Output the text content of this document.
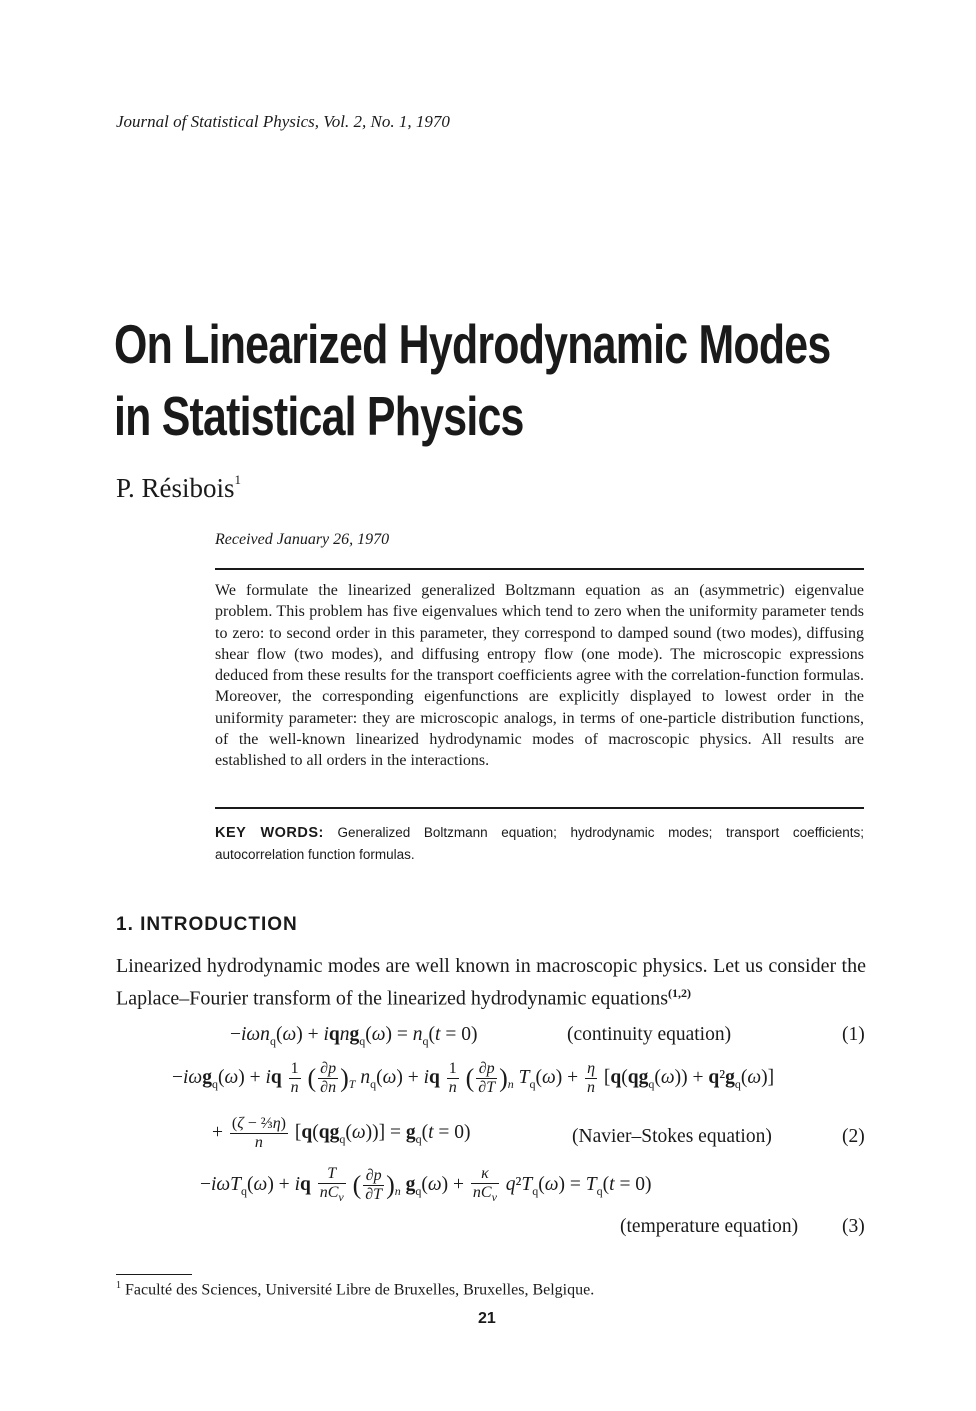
Journal of Statistical Physics, Vol. 2, No. 1, 1970
On Linearized Hydrodynamic Modes
in Statistical Physics
P. Résibois$^1$
Received January 26, 1970
We formulate the linearized generalized Boltzmann equation as an (asymmetric) eigenvalue problem. This problem has five eigenvalues which tend to zero when the uniformity parameter tends to zero: to second order in this parameter, they correspond to damped sound (two modes), diffusing shear flow (two modes), and diffusing entropy flow (one mode). The microscopic expressions deduced from these results for the transport coefficients agree with the correlation-function formulas. Moreover, the corresponding eigenfunctions are explicitly displayed to lowest order in the uniformity parameter: they are microscopic analogs, in terms of one-particle distribution functions, of the well-known linearized hydrodynamic modes of macroscopic physics. All results are established to all orders in the interactions.
KEY WORDS: Generalized Boltzmann equation; hydrodynamic modes; transport coefficients; autocorrelation function formulas.
1. INTRODUCTION
Linearized hydrodynamic modes are well known in macroscopic physics. Let us consider the Laplace–Fourier transform of the linearized hydrodynamic equations$^{(1,2)}$
−iωn$_q$(ω) + iqng$_q$(ω) = $n_q(t = 0)$	(continuity equation)	(1)
−iωg$_q$(ω) + iq $\frac{1}{n}$ ( $\frac{\partial p}{\partial n} )_T$ $n_q(\omega)$ + iq $\frac{1}{n}$ ( $\frac{\partial p}{\partial T} )_n$ $T_q(\omega) + \frac{\eta}{n} [q(qg_q(\omega)) + q^2g_q(\omega)]$
+ $\frac{\text{(ζ − ⅔η)}}{n} [q(qg_q(\omega))] = g_q(t = 0)$	(Navier–Stokes equation)	(2)
−iωT$_q$(ω) + iq $\frac{T}{nC_v}$ ( $\frac{\partial p}{\partial T} )_n$ $g_q(\omega) + \frac{\kappa}{nC_v} q^2T_q(\omega) = T_q(t = 0)$
(temperature equation) (3)
$^1$ Faculté des Sciences, Université Libre de Bruxelles, Bruxelles, Belgique.
21
